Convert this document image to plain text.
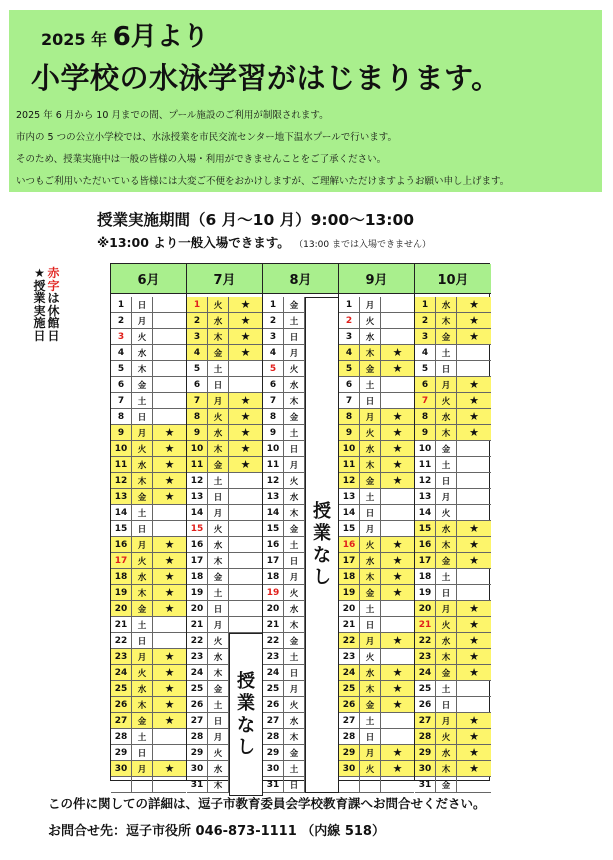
2025 年 6月より
小学校の水泳学習がはじまります。
2025 年 6 月から 10 月までの間、プール施設のご利用が制限されます。
市内の 5 つの公立小学校では、水泳授業を市民交流センター地下温水プールで行います。
そのため、授業実施中は一般の皆様の入場・利用ができませんことをご了承ください。
いつもご利用いただいている皆様には大変ご不便をおかけしますが、ご理解いただけますようお願い申し上げます。
授業実施期間（6 月～10 月）9:00～13:00
※13:00 より一般入場できます。 （13:00 までは入場できません）
赤
字
は
休
館
日
★
授
業
実
施
日
6月
1	日
2	月
3	火
4	水
5	木
6	金
7	土
8	日
9	月	★
10	火	★
11	水	★
12	木	★
13	金	★
14	土
15	日
16	月	★
17	火	★
18	水	★
19	木	★
20	金	★
21	土
22	日
23	月	★
24	火	★
25	水	★
26	木	★
27	金	★
28	土
29	日
30	月	★
7月
1	火	★
2	水	★
3	木	★
4	金	★
5	土
6	日
7	月	★
8	火	★
9	水	★
10	木	★
11	金	★
12	土
13	日
14	月
15	火
16	水
17	木
18	金
19	土
20	日
21	月
22	火
23	水
24	木
25	金
26	土
27	日
28	月
29	火
30	水
31	木
授
業
な
し
8月
1	金
2	土
3	日
4	月
5	火
6	水
7	木
8	金
9	土
10	日
11	月
12	火
13	水
14	木
15	金
16	土
17	日
18	月
19	火
20	水
21	木
22	金
23	土
24	日
25	月
26	火
27	水
28	木
29	金
30	土
31	日
授
業
な
し
9月
1	月
2	火
3	水
4	木	★
5	金	★
6	土
7	日
8	月	★
9	火	★
10	水	★
11	木	★
12	金	★
13	土
14	日
15	月
16	火	★
17	水	★
18	木	★
19	金	★
20	土
21	日
22	月	★
23	火
24	水	★
25	木	★
26	金	★
27	土
28	日
29	月	★
30	火	★
10月
1	水	★
2	木	★
3	金	★
4	土
5	日
6	月	★
7	火	★
8	水	★
9	木	★
10	金
11	土
12	日
13	月
14	火
15	水	★
16	木	★
17	金	★
18	土
19	日
20	月	★
21	火	★
22	水	★
23	木	★
24	金	★
25	土
26	日
27	月	★
28	火	★
29	水	★
30	木	★
31	金
この件に関しての詳細は、逗子市教育委員会学校教育課へお問合せください。
お問合せ先：逗子市役所 046-873-1111 （内線 518）
